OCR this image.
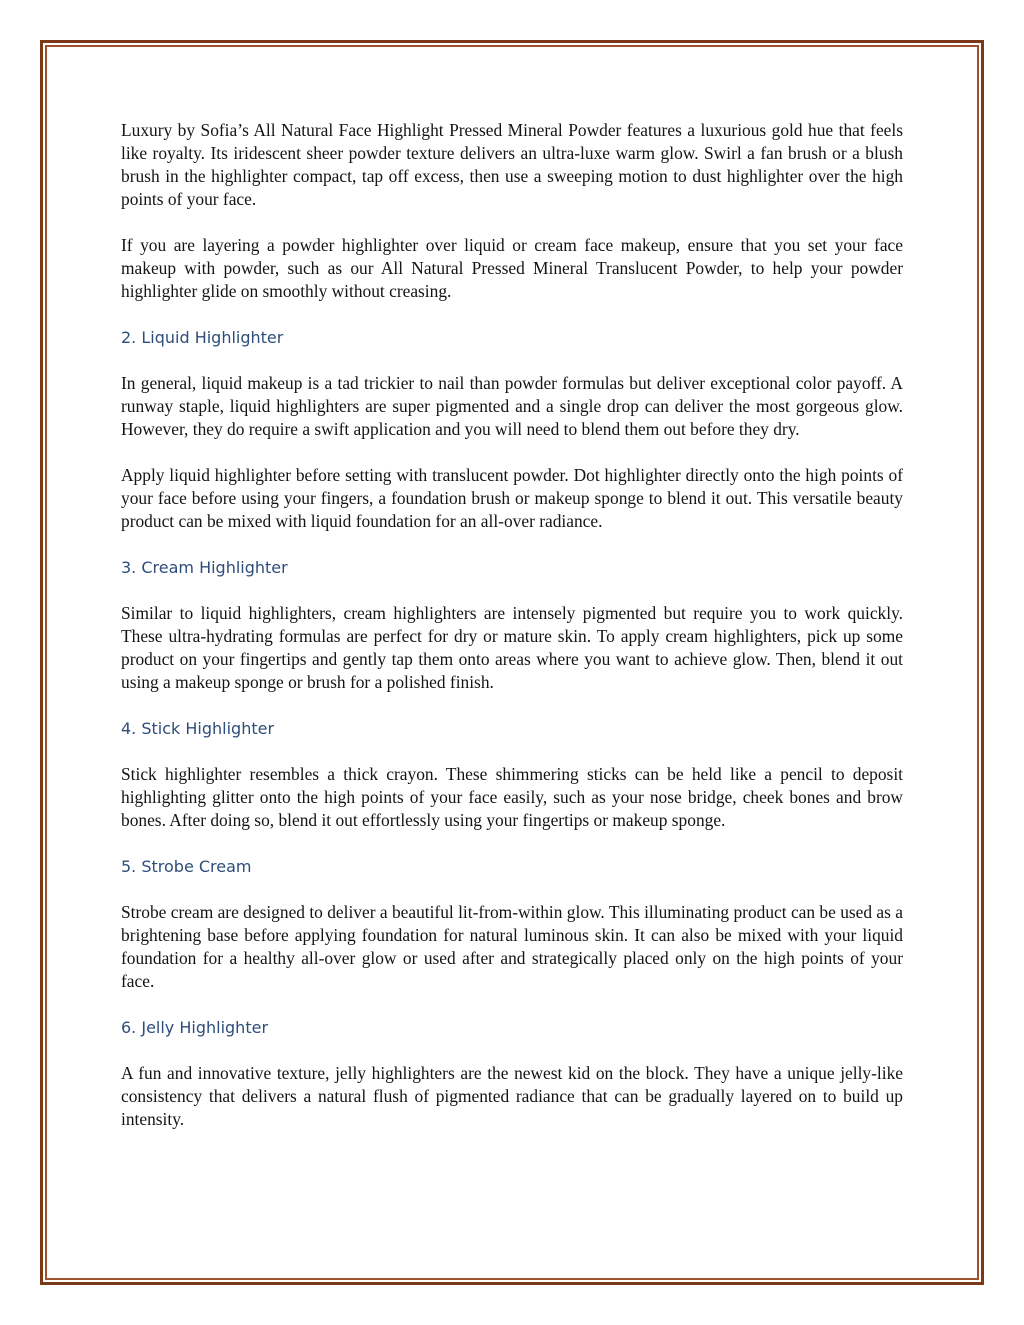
Luxury by Sofia’s All Natural Face Highlight Pressed Mineral Powder features a luxurious gold hue that feels like royalty. Its iridescent sheer powder texture delivers an ultra-luxe warm glow. Swirl a fan brush or a blush brush in the highlighter compact, tap off excess, then use a sweeping motion to dust highlighter over the high points of your face.

If you are layering a powder highlighter over liquid or cream face makeup, ensure that you set your face makeup with powder, such as our All Natural Pressed Mineral Translucent Powder, to help your powder highlighter glide on smoothly without creasing.

2. Liquid Highlighter

In general, liquid makeup is a tad trickier to nail than powder formulas but deliver exceptional color payoff. A runway staple, liquid highlighters are super pigmented and a single drop can deliver the most gorgeous glow. However, they do require a swift application and you will need to blend them out before they dry.

Apply liquid highlighter before setting with translucent powder. Dot highlighter directly onto the high points of your face before using your fingers, a foundation brush or makeup sponge to blend it out. This versatile beauty product can be mixed with liquid foundation for an all-over radiance.

3. Cream Highlighter

Similar to liquid highlighters, cream highlighters are intensely pigmented but require you to work quickly. These ultra-hydrating formulas are perfect for dry or mature skin. To apply cream highlighters, pick up some product on your fingertips and gently tap them onto areas where you want to achieve glow. Then, blend it out using a makeup sponge or brush for a polished finish.

4. Stick Highlighter

Stick highlighter resembles a thick crayon. These shimmering sticks can be held like a pencil to deposit highlighting glitter onto the high points of your face easily, such as your nose bridge, cheek bones and brow bones. After doing so, blend it out effortlessly using your fingertips or makeup sponge.

5. Strobe Cream

Strobe cream are designed to deliver a beautiful lit-from-within glow. This illuminating product can be used as a brightening base before applying foundation for natural luminous skin. It can also be mixed with your liquid foundation for a healthy all-over glow or used after and strategically placed only on the high points of your face.

6. Jelly Highlighter

A fun and innovative texture, jelly highlighters are the newest kid on the block. They have a unique jelly-like consistency that delivers a natural flush of pigmented radiance that can be gradually layered on to build up intensity.
